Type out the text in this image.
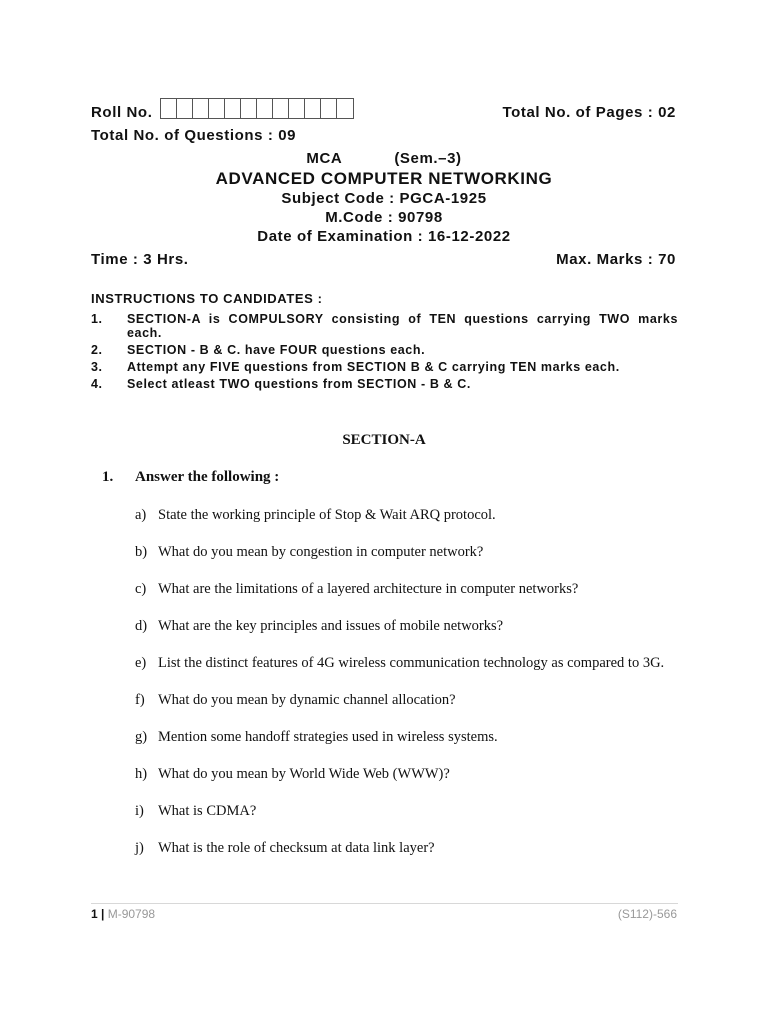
Roll No.	Total No. of Pages : 02
Total No. of Questions : 09
MCA	(Sem.–3)
ADVANCED COMPUTER NETWORKING
Subject Code : PGCA-1925
M.Code : 90798
Date of Examination : 16-12-2022
Time : 3 Hrs.	Max. Marks : 70
INSTRUCTIONS TO CANDIDATES :
1.	SECTION-A is COMPULSORY consisting of TEN questions carrying TWO marks each.
2.	SECTION - B & C. have FOUR questions each.
3.	Attempt any FIVE questions from SECTION B & C carrying TEN marks each.
4.	Select atleast TWO questions from SECTION - B & C.
SECTION-A
1. Answer the following :
a) State the working principle of Stop & Wait ARQ protocol.
b) What do you mean by congestion in computer network?
c) What are the limitations of a layered architecture in computer networks?
d) What are the key principles and issues of mobile networks?
e) List the distinct features of 4G wireless communication technology as compared to 3G.
f) What do you mean by dynamic channel allocation?
g) Mention some handoff strategies used in wireless systems.
h) What do you mean by World Wide Web (WWW)?
i) What is CDMA?
j) What is the role of checksum at data link layer?
1 | M-90798	(S112)-566
